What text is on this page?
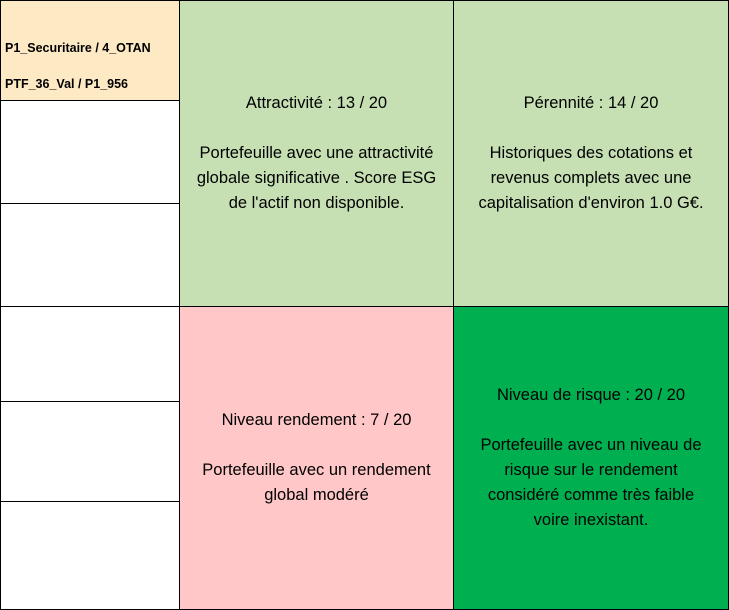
P1_Securitaire / 4_OTAN

PTF_36_Val / P1_956

Attractivité : 13 / 20
Portefeuille avec une attractivité
globale significative . Score ESG
de l'actif non disponible.
Pérennité : 14 / 20
Historiques des cotations et
revenus complets avec une
capitalisation d'environ 1.0 G€.
Niveau rendement : 7 / 20
Portefeuille avec un rendement
global modéré
Niveau de risque : 20 / 20
Portefeuille avec un niveau de
risque sur le rendement
considéré comme très faible
voire inexistant.
